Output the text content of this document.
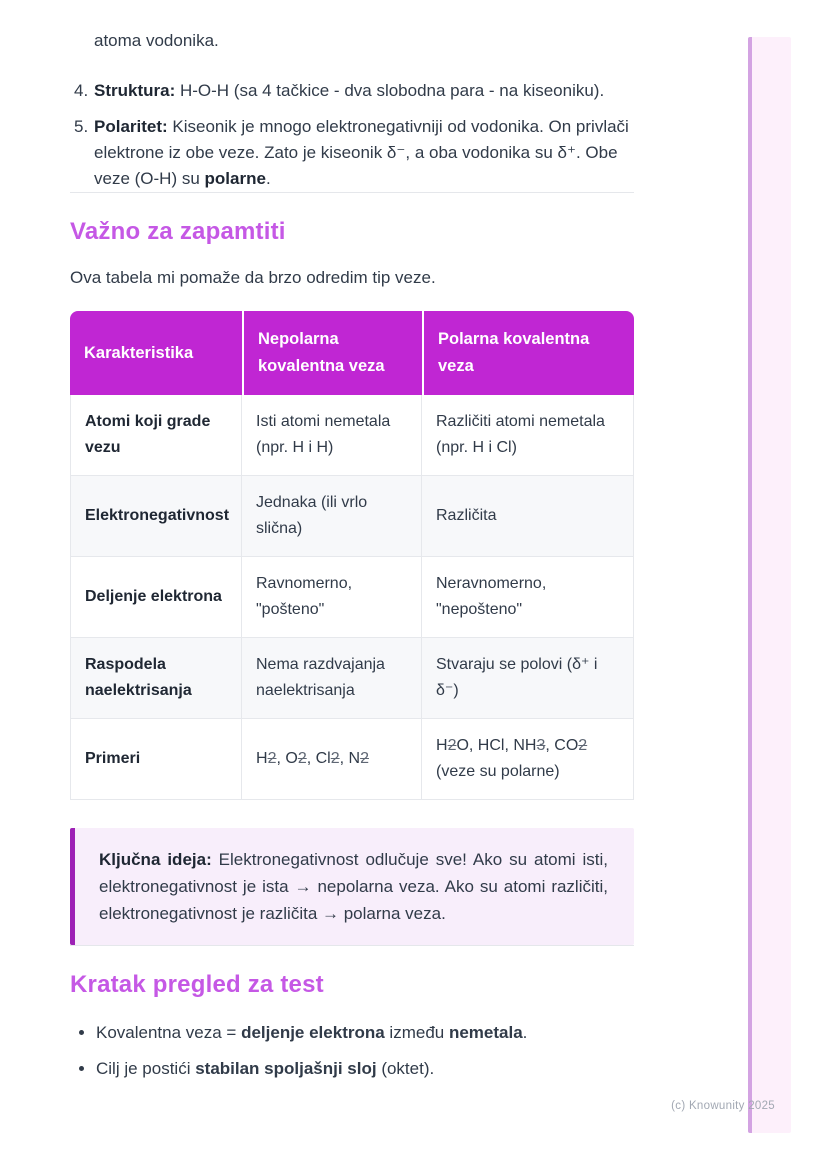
atoma vodonika.

4. Struktura: H-O-H (sa 4 tačkice - dva slobodna para - na kiseoniku).
5. Polaritet: Kiseonik je mnogo elektronegativniji od vodonika. On privlači elektrone iz obe veze. Zato je kiseonik δ⁻, a oba vodonika su δ⁺. Obe veze (O-H) su polarne.
Važno za zapamtiti

Ova tabela mi pomaže da brzo odredim tip veze.

Karakteristika	Nepolarna kovalentna veza	Polarna kovalentna veza
Atomi koji grade vezu	Isti atomi nemetala (npr. H i H)	Različiti atomi nemetala (npr. H i Cl)
Elektronegativnost	Jednaka (ili vrlo slična)	Različita
Deljenje elektrona	Ravnomerno, "pošteno"	Neravnomerno, "nepošteno"
Raspodela naelektrisanja	Nema razdvajanja naelektrisanja	Stvaraju se polovi (δ⁺ i δ⁻)
Primeri	H2, O2, Cl2, N2	H2O, HCl, NH3, CO2 (veze su polarne)
Ključna ideja: Elektronegativnost odlučuje sve! Ako su atomi isti, elektronegativnost je ista → nepolarna veza. Ako su atomi različiti, elektronegativnost je različita → polarna veza.
Kratak pregled za test
• Kovalentna veza = deljenje elektrona između nemetala.
• Cilj je postići stabilan spoljašnji sloj (oktet).
(c) Knowunity 2025
